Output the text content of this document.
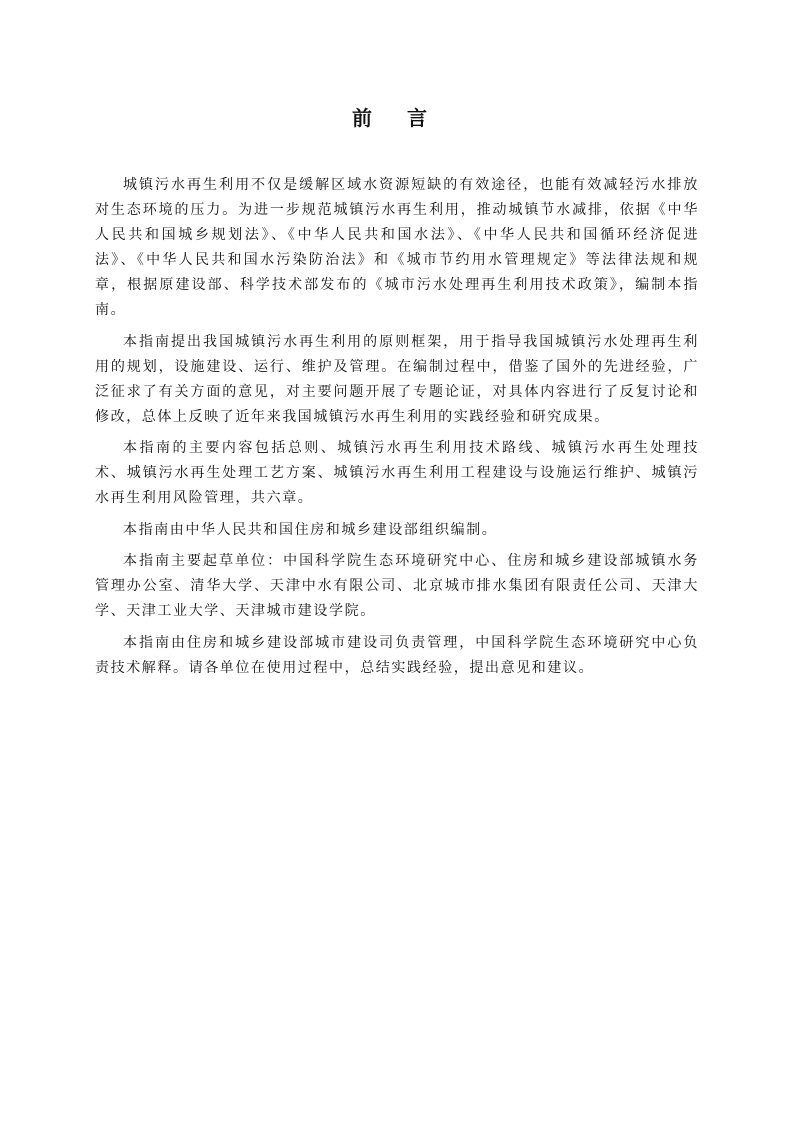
前 言

城镇污水再生利用不仅是缓解区域水资源短缺的有效途径，也能有效减轻污水排放对生态环境的压力。为进一步规范城镇污水再生利用，推动城镇节水减排，依据《中华人民共和国城乡规划法》、《中华人民共和国水法》、《中华人民共和国循环经济促进法》、《中华人民共和国水污染防治法》和《城市节约用水管理规定》等法律法规和规章，根据原建设部、科学技术部发布的《城市污水处理再生利用技术政策》，编制本指南。

本指南提出我国城镇污水再生利用的原则框架，用于指导我国城镇污水处理再生利用的规划，设施建设、运行、维护及管理。在编制过程中，借鉴了国外的先进经验，广泛征求了有关方面的意见，对主要问题开展了专题论证，对具体内容进行了反复讨论和修改，总体上反映了近年来我国城镇污水再生利用的实践经验和研究成果。

本指南的主要内容包括总则、城镇污水再生利用技术路线、城镇污水再生处理技术、城镇污水再生处理工艺方案、城镇污水再生利用工程建设与设施运行维护、城镇污水再生利用风险管理，共六章。

本指南由中华人民共和国住房和城乡建设部组织编制。

本指南主要起草单位：中国科学院生态环境研究中心、住房和城乡建设部城镇水务管理办公室、清华大学、天津中水有限公司、北京城市排水集团有限责任公司、天津大学、天津工业大学、天津城市建设学院。

本指南由住房和城乡建设部城市建设司负责管理，中国科学院生态环境研究中心负责技术解释。请各单位在使用过程中，总结实践经验，提出意见和建议。
